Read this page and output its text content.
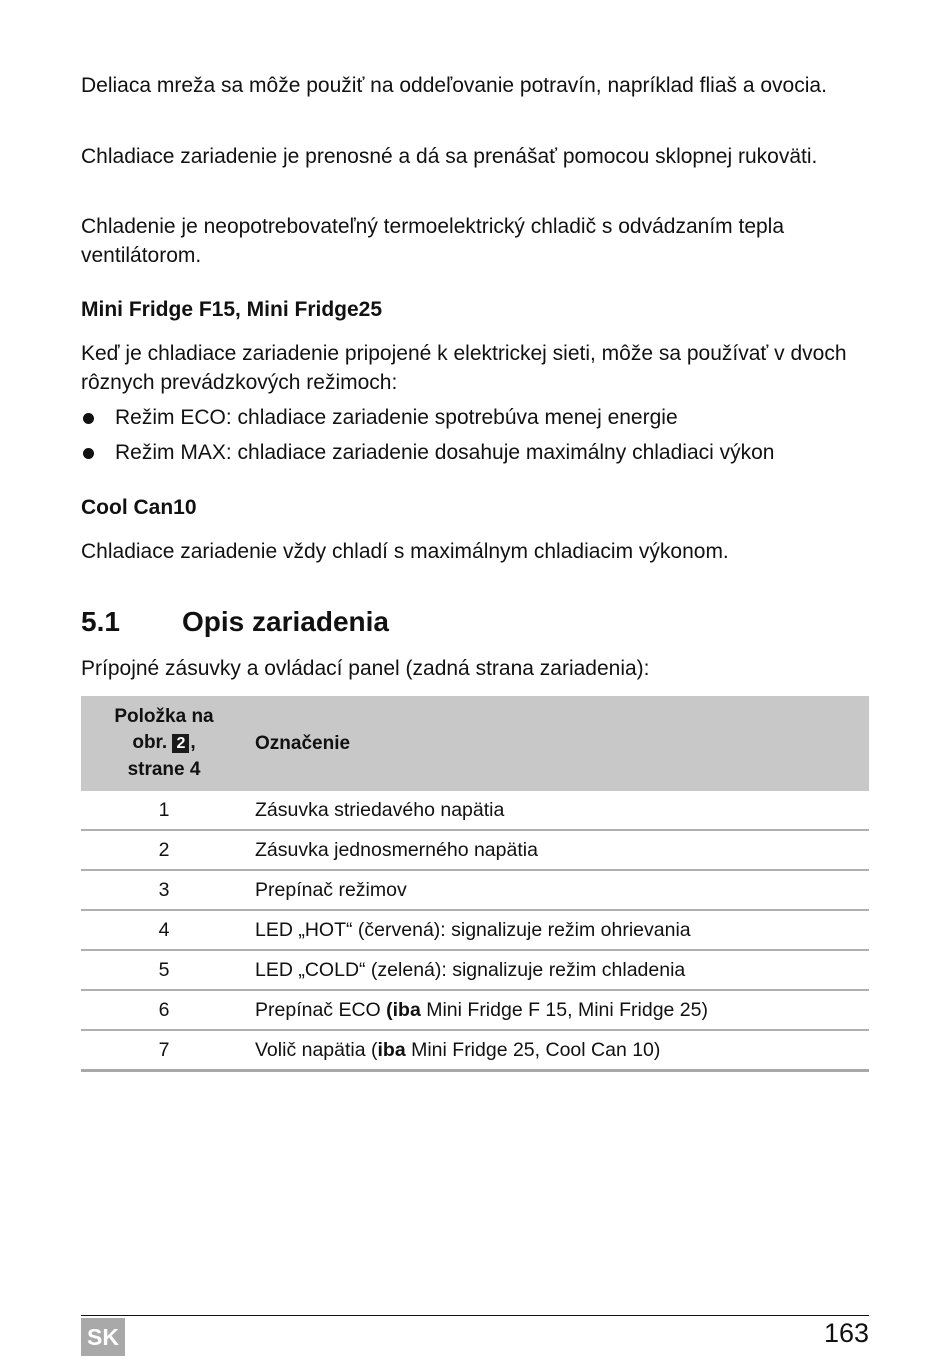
Deliaca mreža sa môže použiť na oddeľovanie potravín, napríklad fliaš a ovocia.

Chladiace zariadenie je prenosné a dá sa prenášať pomocou sklopnej rukoväti.

Chladenie je neopotrebovateľný termoelektrický chladič s odvádzaním tepla ventilátorom.

Mini Fridge F15, Mini Fridge25

Keď je chladiace zariadenie pripojené k elektrickej sieti, môže sa používať v dvoch rôznych prevádzkových režimoch:

Režim ECO: chladiace zariadenie spotrebúva menej energie
Režim MAX: chladiace zariadenie dosahuje maximálny chladiaci výkon
Cool Can10

Chladiace zariadenie vždy chladí s maximálnym chladiacim výkonom.

5.1 Opis zariadenia

Prípojné zásuvky a ovládací panel (zadná strana zariadenia):

Položka na
obr. 2 ,
strane 4	Označenie
1	Zásuvka striedavého napätia
2	Zásuvka jednosmerného napätia
3	Prepínač režimov
4	LED „HOT“ (červená): signalizuje režim ohrievania
5	LED „COLD“ (zelená): signalizuje režim chladenia
6	Prepínač ECO (iba Mini Fridge F 15, Mini Fridge 25)
7	Volič napätia (iba Mini Fridge 25, Cool Can 10)
SK	163
